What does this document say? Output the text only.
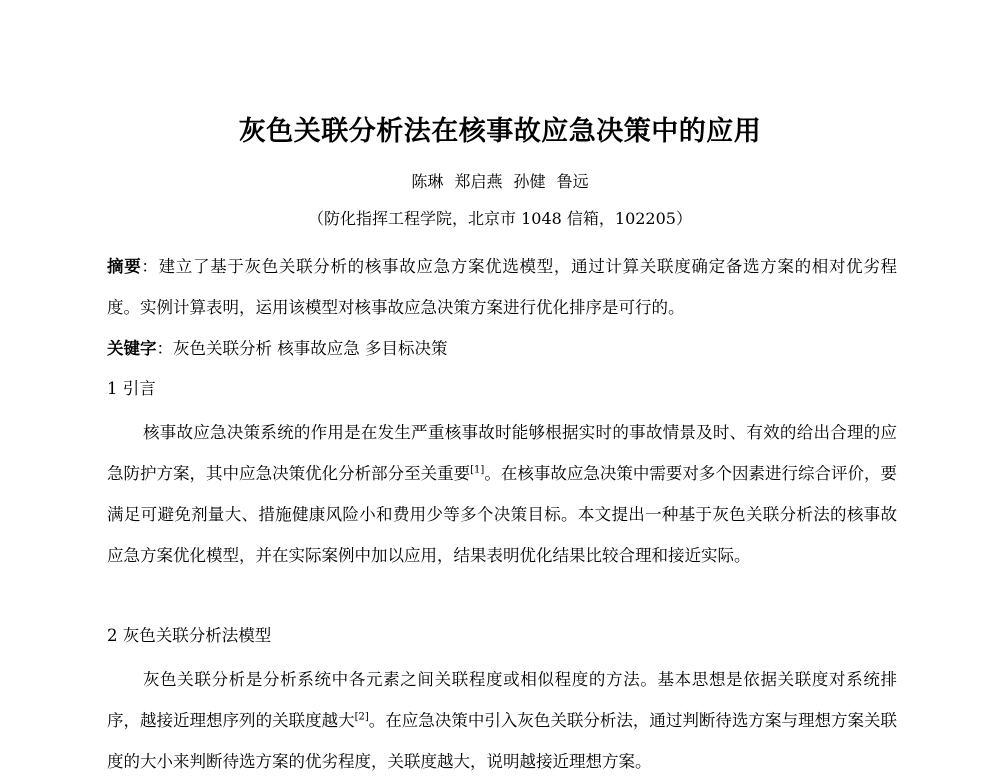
灰色关联分析法在核事故应急决策中的应用
陈琳 郑启燕 孙健 鲁远
（防化指挥工程学院，北京市 1048 信箱，102205）
摘要：建立了基于灰色关联分析的核事故应急方案优选模型，通过计算关联度确定备选方案的相对优劣程度。实例计算表明，运用该模型对核事故应急决策方案进行优化排序是可行的。
关键字：灰色关联分析 核事故应急 多目标决策
1 引言
核事故应急决策系统的作用是在发生严重核事故时能够根据实时的事故情景及时、有效的给出合理的应急防护方案，其中应急决策优化分析部分至关重要[1]。在核事故应急决策中需要对多个因素进行综合评价，要满足可避免剂量大、措施健康风险小和费用少等多个决策目标。本文提出一种基于灰色关联分析法的核事故应急方案优化模型，并在实际案例中加以应用，结果表明优化结果比较合理和接近实际。
2 灰色关联分析法模型
灰色关联分析是分析系统中各元素之间关联程度或相似程度的方法。基本思想是依据关联度对系统排序，越接近理想序列的关联度越大[2]。在应急决策中引入灰色关联分析法，通过判断待选方案与理想方案关联度的大小来判断待选方案的优劣程度，关联度越大，说明越接近理想方案。
